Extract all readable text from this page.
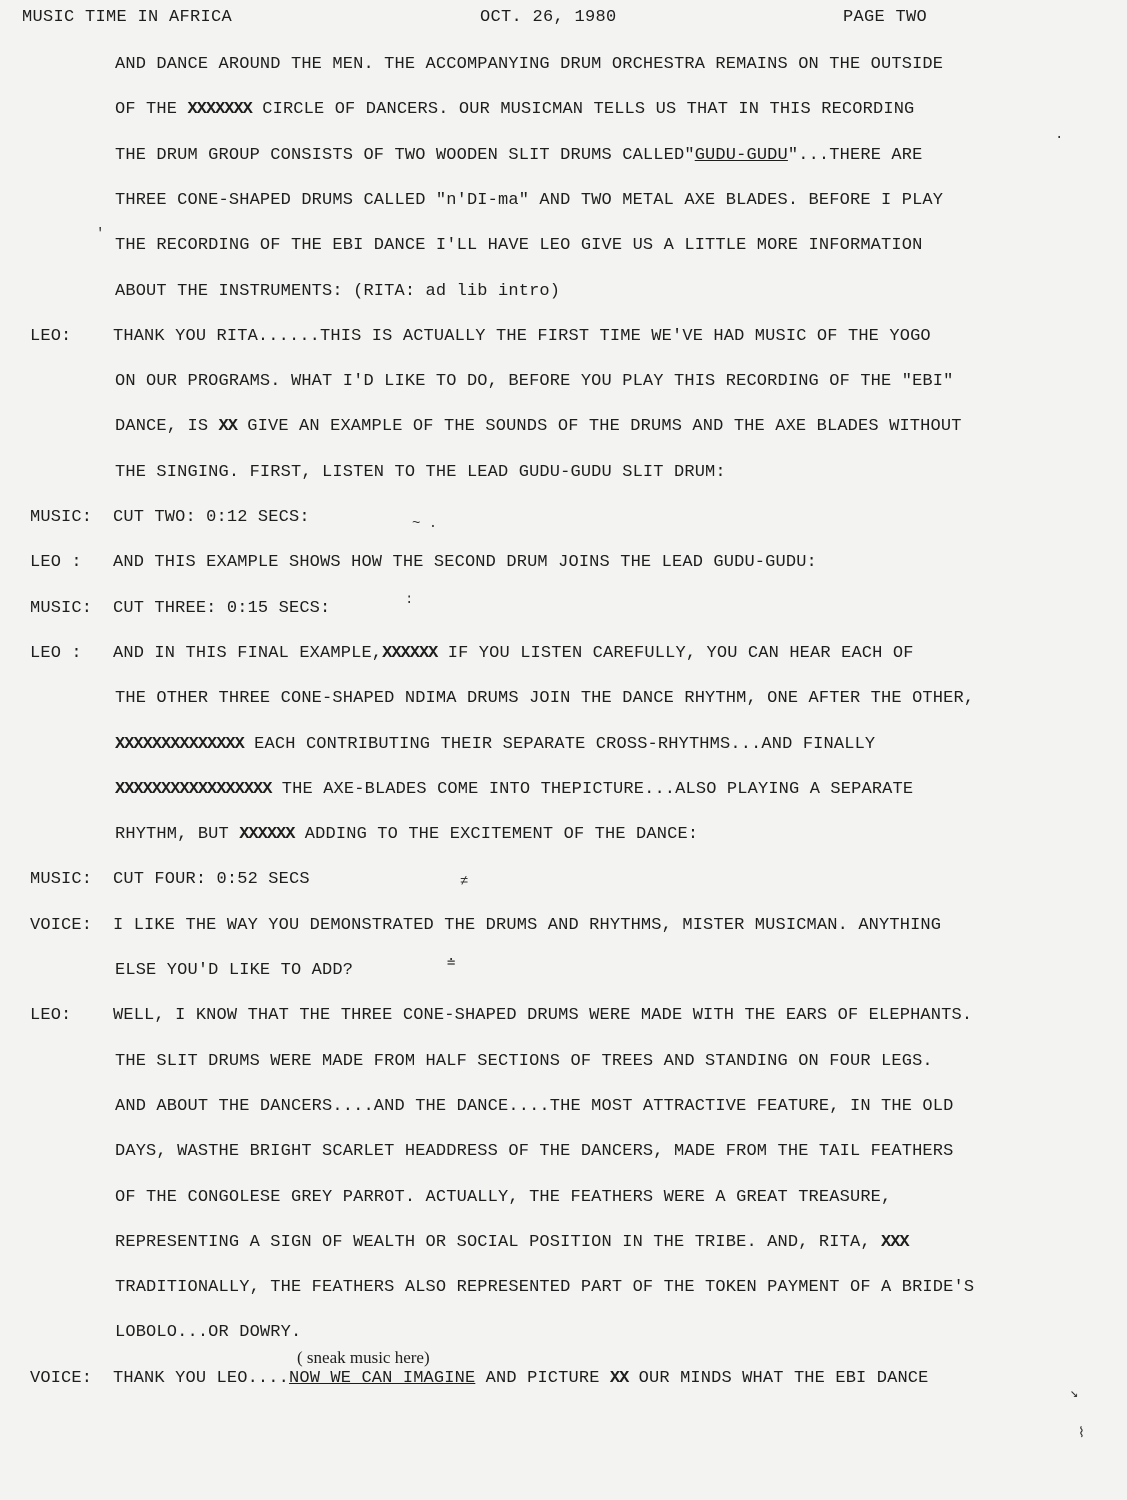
MUSIC TIME IN AFRICA	OCT. 26, 1980	PAGE TWO
AND DANCE AROUND THE MEN. THE ACCOMPANYING DRUM ORCHESTRA REMAINS ON THE OUTSIDE
OF THE XXXXXXX CIRCLE OF DANCERS. OUR MUSICMAN TELLS US THAT IN THIS RECORDING
THE DRUM GROUP CONSISTS OF TWO WOODEN SLIT DRUMS CALLED"GUDU-GUDU"...THERE ARE
THREE CONE-SHAPED DRUMS CALLED "n'DI-ma" AND TWO METAL AXE BLADES. BEFORE I PLAY
THE RECORDING OF THE EBI DANCE I'LL HAVE LEO GIVE US A LITTLE MORE INFORMATION
ABOUT THE INSTRUMENTS: (RITA: ad lib intro)
LEO: THANK YOU RITA......THIS IS ACTUALLY THE FIRST TIME WE'VE HAD MUSIC OF THE YOGO
ON OUR PROGRAMS. WHAT I'D LIKE TO DO, BEFORE YOU PLAY THIS RECORDING OF THE "EBI"
DANCE, IS XX GIVE AN EXAMPLE OF THE SOUNDS OF THE DRUMS AND THE AXE BLADES WITHOUT
THE SINGING. FIRST, LISTEN TO THE LEAD GUDU-GUDU SLIT DRUM:
MUSIC: CUT TWO: 0:12 SECS:
LEO : AND THIS EXAMPLE SHOWS HOW THE SECOND DRUM JOINS THE LEAD GUDU-GUDU:
MUSIC: CUT THREE: 0:15 SECS:
LEO : AND IN THIS FINAL EXAMPLE,XXXXXX IF YOU LISTEN CAREFULLY, YOU CAN HEAR EACH OF
THE OTHER THREE CONE-SHAPED NDIMA DRUMS JOIN THE DANCE RHYTHM, ONE AFTER THE OTHER,
XXXXXXXXXXXXXX EACH CONTRIBUTING THEIR SEPARATE CROSS-RHYTHMS...AND FINALLY
XXXXXXXXXXXXXXXXX THE AXE-BLADES COME INTO THEPICTURE...ALSO PLAYING A SEPARATE
RHYTHM, BUT XXXXXX ADDING TO THE EXCITEMENT OF THE DANCE:
MUSIC: CUT FOUR: 0:52 SECS
VOICE: I LIKE THE WAY YOU DEMONSTRATED THE DRUMS AND RHYTHMS, MISTER MUSICMAN. ANYTHING
ELSE YOU'D LIKE TO ADD?
LEO: WELL, I KNOW THAT THE THREE CONE-SHAPED DRUMS WERE MADE WITH THE EARS OF ELEPHANTS.
THE SLIT DRUMS WERE MADE FROM HALF SECTIONS OF TREES AND STANDING ON FOUR LEGS.
AND ABOUT THE DANCERS....AND THE DANCE....THE MOST ATTRACTIVE FEATURE, IN THE OLD
DAYS, WASTHE BRIGHT SCARLET HEADDRESS OF THE DANCERS, MADE FROM THE TAIL FEATHERS
OF THE CONGOLESE GREY PARROT. ACTUALLY, THE FEATHERS WERE A GREAT TREASURE,
REPRESENTING A SIGN OF WEALTH OR SOCIAL POSITION IN THE TRIBE. AND, RITA, XXX
TRADITIONALLY, THE FEATHERS ALSO REPRESENTED PART OF THE TOKEN PAYMENT OF A BRIDE'S
LOBOLO...OR DOWRY.
VOICE: THANK YOU LEO....NOW WE CAN IMAGINE AND PICTURE XX OUR MINDS WHAT THE EBI DANCE
( sneak music here)
·
'
~ .
:
≠
≐
↘
⌇
